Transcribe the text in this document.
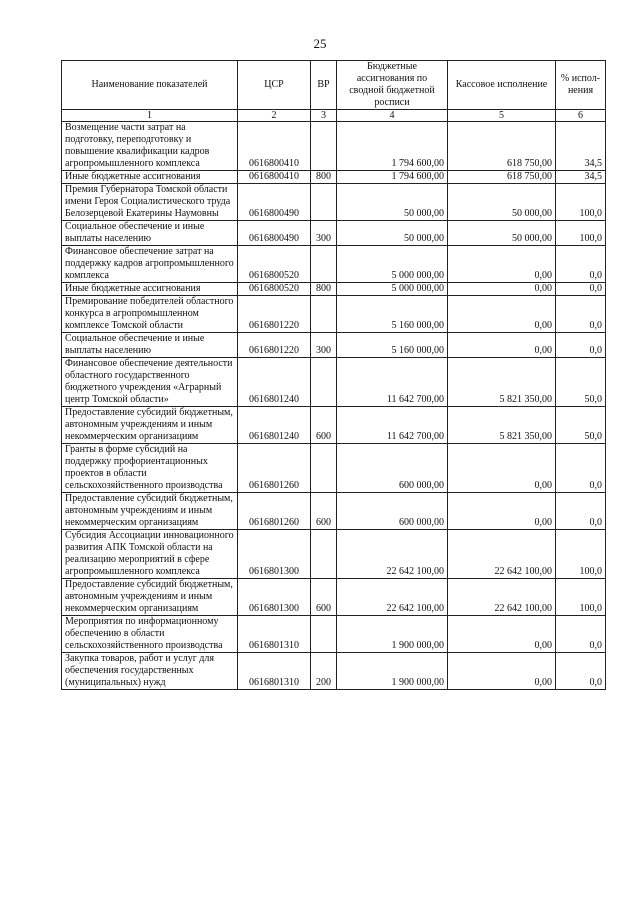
25
Наименование показателей	ЦСР	ВР	Бюджетные ассигнования по сводной бюджетной росписи	Кассовое исполнение	% испол-нения
1	2	3	4	5	6
Возмещение части затрат на подготовку, переподготовку и повышение квалификации кадров агропромышленного комплекса	0616800410		1 794 600,00	618 750,00	34,5
Иные бюджетные ассигнования	0616800410	800	1 794 600,00	618 750,00	34,5
Премия Губернатора Томской области имени Героя Социалистического труда Белозерцевой Екатерины Наумовны	0616800490		50 000,00	50 000,00	100,0
Социальное обеспечение и иные выплаты населению	0616800490	300	50 000,00	50 000,00	100,0
Финансовое обеспечение затрат на поддержку кадров агропромышленного комплекса	0616800520		5 000 000,00	0,00	0,0
Иные бюджетные ассигнования	0616800520	800	5 000 000,00	0,00	0,0
Премирование победителей областного конкурса в агропромышленном комплексе Томской области	0616801220		5 160 000,00	0,00	0,0
Социальное обеспечение и иные выплаты населению	0616801220	300	5 160 000,00	0,00	0,0
Финансовое обеспечение деятельности областного государственного бюджетного учреждения «Аграрный центр Томской области»	0616801240		11 642 700,00	5 821 350,00	50,0
Предоставление субсидий бюджетным, автономным учреждениям и иным некоммерческим организациям	0616801240	600	11 642 700,00	5 821 350,00	50,0
Гранты в форме субсидий на поддержку профориентационных проектов в области сельскохозяйственного производства	0616801260		600 000,00	0,00	0,0
Предоставление субсидий бюджетным, автономным учреждениям и иным некоммерческим организациям	0616801260	600	600 000,00	0,00	0,0
Субсидия Ассоциации инновационного развития АПК Томской области на реализацию мероприятий в сфере агропромышленного комплекса	0616801300		22 642 100,00	22 642 100,00	100,0
Предоставление субсидий бюджетным, автономным учреждениям и иным некоммерческим организациям	0616801300	600	22 642 100,00	22 642 100,00	100,0
Мероприятия по информационному обеспечению в области сельскохозяйственного производства	0616801310		1 900 000,00	0,00	0,0
Закупка товаров, работ и услуг для обеспечения государственных (муниципальных) нужд	0616801310	200	1 900 000,00	0,00	0,0
